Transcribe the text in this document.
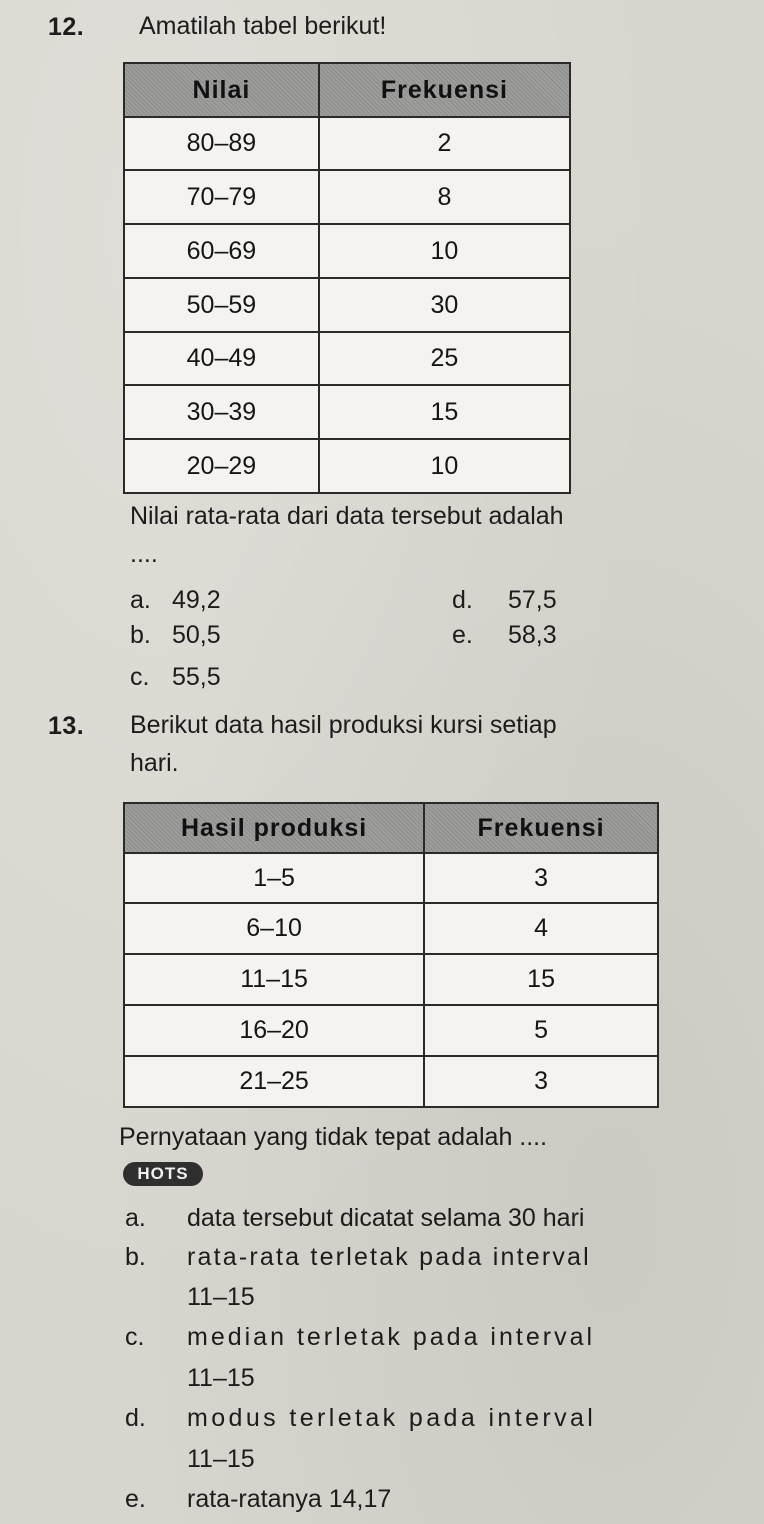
12. Amatilah tabel berikut!
Nilai	Frekuensi
80–89	2
70–79	8
60–69	10
50–59	30
40–49	25
30–39	15
20–29	10
Nilai rata-rata dari data tersebut adalah
....
a. 49,2
b. 50,5
c. 55,5
d. 57,5
e. 58,3
13. Berikut data hasil produksi kursi setiap
hari.
Hasil produksi	Frekuensi
1–5	3
6–10	4
11–15	15
16–20	5
21–25	3
Pernyataan yang tidak tepat adalah ....
HOTS
a. data tersebut dicatat selama 30 hari
b. rata-rata terletak pada interval
11–15
c. median terletak pada interval
11–15
d. modus terletak pada interval
11–15
e. rata-ratanya 14,17
